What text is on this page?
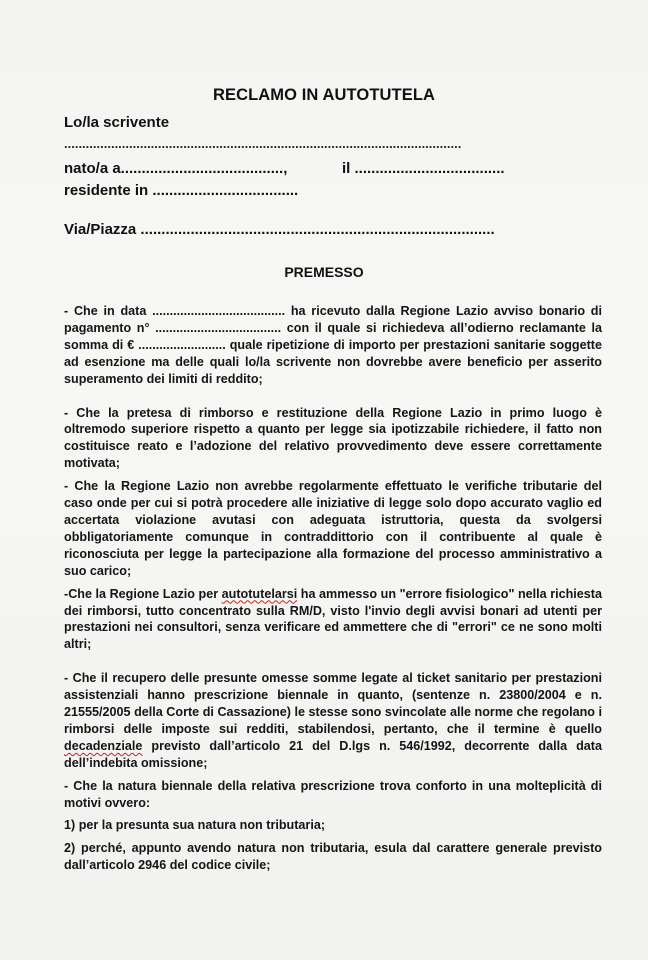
RECLAMO IN AUTOTUTELA
Lo/la scrivente
..............................................................................................................
nato/a a.......................................,	il ....................................
residente in ...................................
Via/Piazza .....................................................................................
PREMESSO

- Che in data ...................................... ha ricevuto dalla Regione Lazio avviso bonario di pagamento n° .................................... con il quale si richiedeva all’odierno reclamante la somma di € ......................... quale ripetizione di importo per prestazioni sanitarie soggette ad esenzione ma delle quali lo/la scrivente non dovrebbe avere beneficio per asserito superamento dei limiti di reddito;

- Che la pretesa di rimborso e restituzione della Regione Lazio in primo luogo è oltremodo superiore rispetto a quanto per legge sia ipotizzabile richiedere, il fatto non costituisce reato e l’adozione del relativo provvedimento deve essere correttamente motivata;

- Che la Regione Lazio non avrebbe regolarmente effettuato le verifiche tributarie del caso onde per cui si potrà procedere alle iniziative di legge solo dopo accurato vaglio ed accertata violazione avutasi con adeguata istruttoria, questa da svolgersi obbligatoriamente comunque in contraddittorio con il contribuente al quale è riconosciuta per legge la partecipazione alla formazione del processo amministrativo a suo carico;

-Che la Regione Lazio per autotutelarsi ha ammesso un "errore fisiologico" nella richiesta dei rimborsi, tutto concentrato sulla RM/D, visto l'invio degli avvisi bonari ad utenti per prestazioni nei consultori, senza verificare ed ammettere che di "errori" ce ne sono molti altri;

- Che il recupero delle presunte omesse somme legate al ticket sanitario per prestazioni assistenziali hanno prescrizione biennale in quanto, (sentenze n. 23800/2004 e n. 21555/2005 della Corte di Cassazione) le stesse sono svincolate alle norme che regolano i rimborsi delle imposte sui redditi, stabilendosi, pertanto, che il termine è quello decadenziale previsto dall’articolo 21 del D.lgs n. 546/1992, decorrente dalla data dell’indebita omissione;

- Che la natura biennale della relativa prescrizione trova conforto in una molteplicità di motivi ovvero:

1) per la presunta sua natura non tributaria;

2) perché, appunto avendo natura non tributaria, esula dal carattere generale previsto dall’articolo 2946 del codice civile;
